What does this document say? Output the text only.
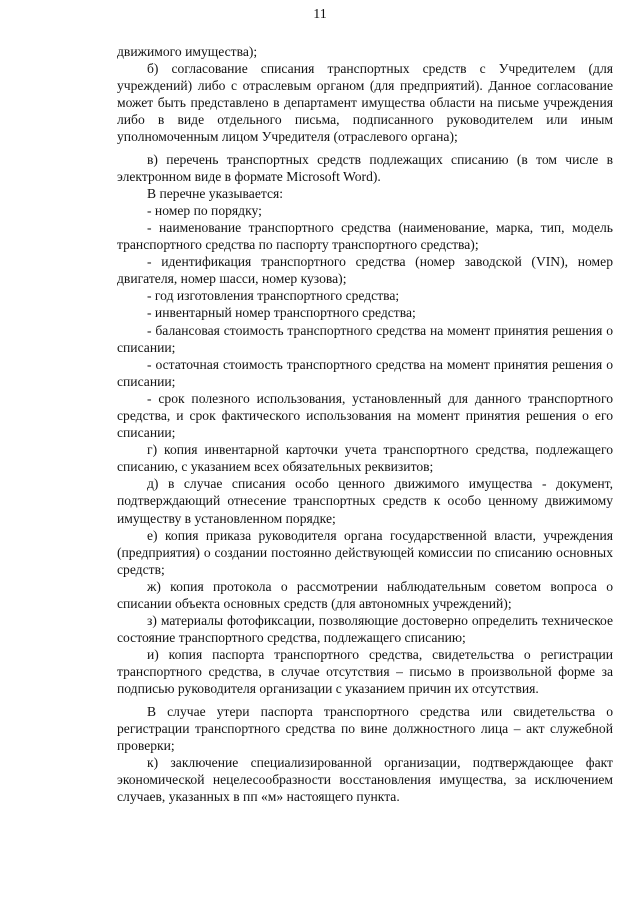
11

движимого имущества);

б) согласование списания транспортных средств с Учредителем (для учреждений) либо с отраслевым органом (для предприятий). Данное согласование может быть представлено в департамент имущества области на письме учреждения либо в виде отдельного письма, подписанного руководителем или иным уполномоченным лицом Учредителя (отраслевого органа);

в) перечень транспортных средств подлежащих списанию (в том числе в электронном виде в формате Microsoft Word).

В перечне указывается:

- номер по порядку;

- наименование транспортного средства (наименование, марка, тип, модель транспортного средства по паспорту транспортного средства);

- идентификация транспортного средства (номер заводской (VIN), номер двигателя, номер шасси, номер кузова);

- год изготовления транспортного средства;

- инвентарный номер транспортного средства;

- балансовая стоимость транспортного средства на момент принятия решения о списании;

- остаточная стоимость транспортного средства на момент принятия решения о списании;

- срок полезного использования, установленный для данного транспортного средства, и срок фактического использования на момент принятия решения о его списании;

г) копия инвентарной карточки учета транспортного средства, подлежащего списанию, с указанием всех обязательных реквизитов;

д) в случае списания особо ценного движимого имущества - документ, подтверждающий отнесение транспортных средств к особо ценному движимому имуществу в установленном порядке;

е) копия приказа руководителя органа государственной власти, учреждения (предприятия) о создании постоянно действующей комиссии по списанию основных средств;

ж) копия протокола о рассмотрении наблюдательным советом вопроса о списании объекта основных средств (для автономных учреждений);

з) материалы фотофиксации, позволяющие достоверно определить техническое состояние транспортного средства, подлежащего списанию;

и) копия паспорта транспортного средства, свидетельства о регистрации транспортного средства, в случае отсутствия – письмо в произвольной форме за подписью руководителя организации с указанием причин их отсутствия.

В случае утери паспорта транспортного средства или свидетельства о регистрации транспортного средства по вине должностного лица – акт служебной проверки;

к) заключение специализированной организации, подтверждающее факт экономической нецелесообразности восстановления имущества, за исключением случаев, указанных в пп «м» настоящего пункта.
